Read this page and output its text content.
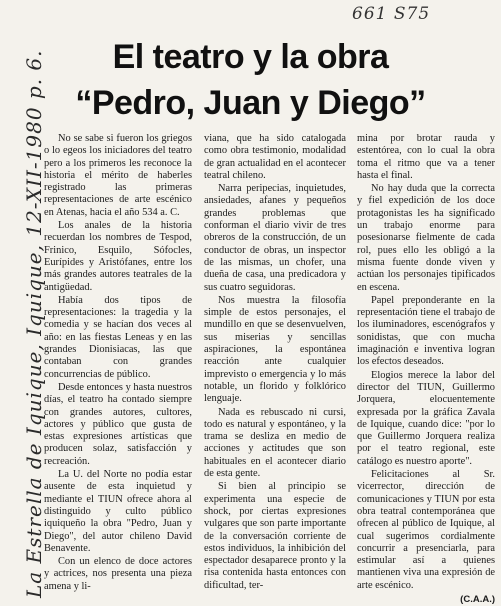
661 S75
El teatro y la obra
“Pedro, Juan y Diego”
La Estrella de Iquique, Iquique, 12-XII-1980 p. 6.	No se sabe si fueron los griegos o lo egeos los iniciadores del teatro pero a los primeros les reconoce la historia el mérito de haberles registrado las primeras representaciones de arte escénico en Atenas, hacia el año 534 a. C.

Los anales de la historia recuerdan los nombres de Tespod, Frinico, Esquilo, Sófocles, Eurípides y Aristófanes, entre los más grandes autores teatrales de la antigüedad.

Había dos tipos de representaciones: la tragedia y la comedia y se hacían dos veces al año: en las fiestas Leneas y en las grandes Dionisiacas, las que contaban con grandes concurrencias de público.

Desde entonces y hasta nuestros días, el teatro ha contado siempre con grandes autores, cultores, actores y público que gusta de estas expresiones artísticas que producen solaz, satisfacción y recreación.

La U. del Norte no podía estar ausente de esta inquietud y mediante el TIUN ofrece ahora al distinguido y culto público iquiqueño la obra "Pedro, Juan y Diego", del autor chileno David Benavente.

Con un elenco de doce actores y actrices, nos presenta una pieza amena y li-

viana, que ha sido catalogada como obra testimonio, modalidad de gran actualidad en el acontecer teatral chileno.

Narra peripecias, inquietudes, ansiedades, afanes y pequeños grandes problemas que conforman el diario vivir de tres obreros de la construcción, de un conductor de obras, un inspector de las mismas, un chofer, una dueña de casa, una predicadora y sus cuatro seguidoras.

Nos muestra la filosofía simple de estos personajes, el mundillo en que se desenvuelven, sus miserias y sencillas aspiraciones, la espontánea reacción ante cualquier imprevisto o emergencia y lo más notable, un florido y folklórico lenguaje.

Nada es rebuscado ni cursi, todo es natural y espontáneo, y la trama se desliza en medio de acciones y actitudes que son habituales en el acontecer diario de esta gente.

Si bien al principio se experimenta una especie de shock, por ciertas expresiones vulgares que son parte importante de la conversación corriente de estos individuos, la inhibición del espectador desaparece pronto y la risa contenida hasta entonces con dificultad, ter-

mina por brotar rauda y estentórea, con lo cual la obra toma el ritmo que va a tener hasta el final.

No hay duda que la correcta y fiel expedición de los doce protagonistas les ha significado un trabajo enorme para posesionarse fielmente de cada rol, pues ello les obligó a la misma fuente donde viven y actúan los personajes tipificados en escena.

Papel preponderante en la representación tiene el trabajo de los iluminadores, escenógrafos y sonidistas, que con mucha imaginación e inventiva logran los efectos deseados.

Elogios merece la labor del director del TIUN, Guillermo Jorquera, elocuentemente expresada por la gráfica Zavala de Iquique, cuando dice: "por lo que Guillermo Jorquera realiza por el teatro regional, este catálogo es nuestro aporte".

Felicitaciones al Sr. vicerrector, dirección de comunicaciones y TIUN por esta obra teatral contemporánea que ofrecen al público de Iquique, al cual sugerimos cordialmente concurrir a presenciarla, para estimular así a quienes mantienen viva una expresión de arte escénico.

(C.A.A.)
